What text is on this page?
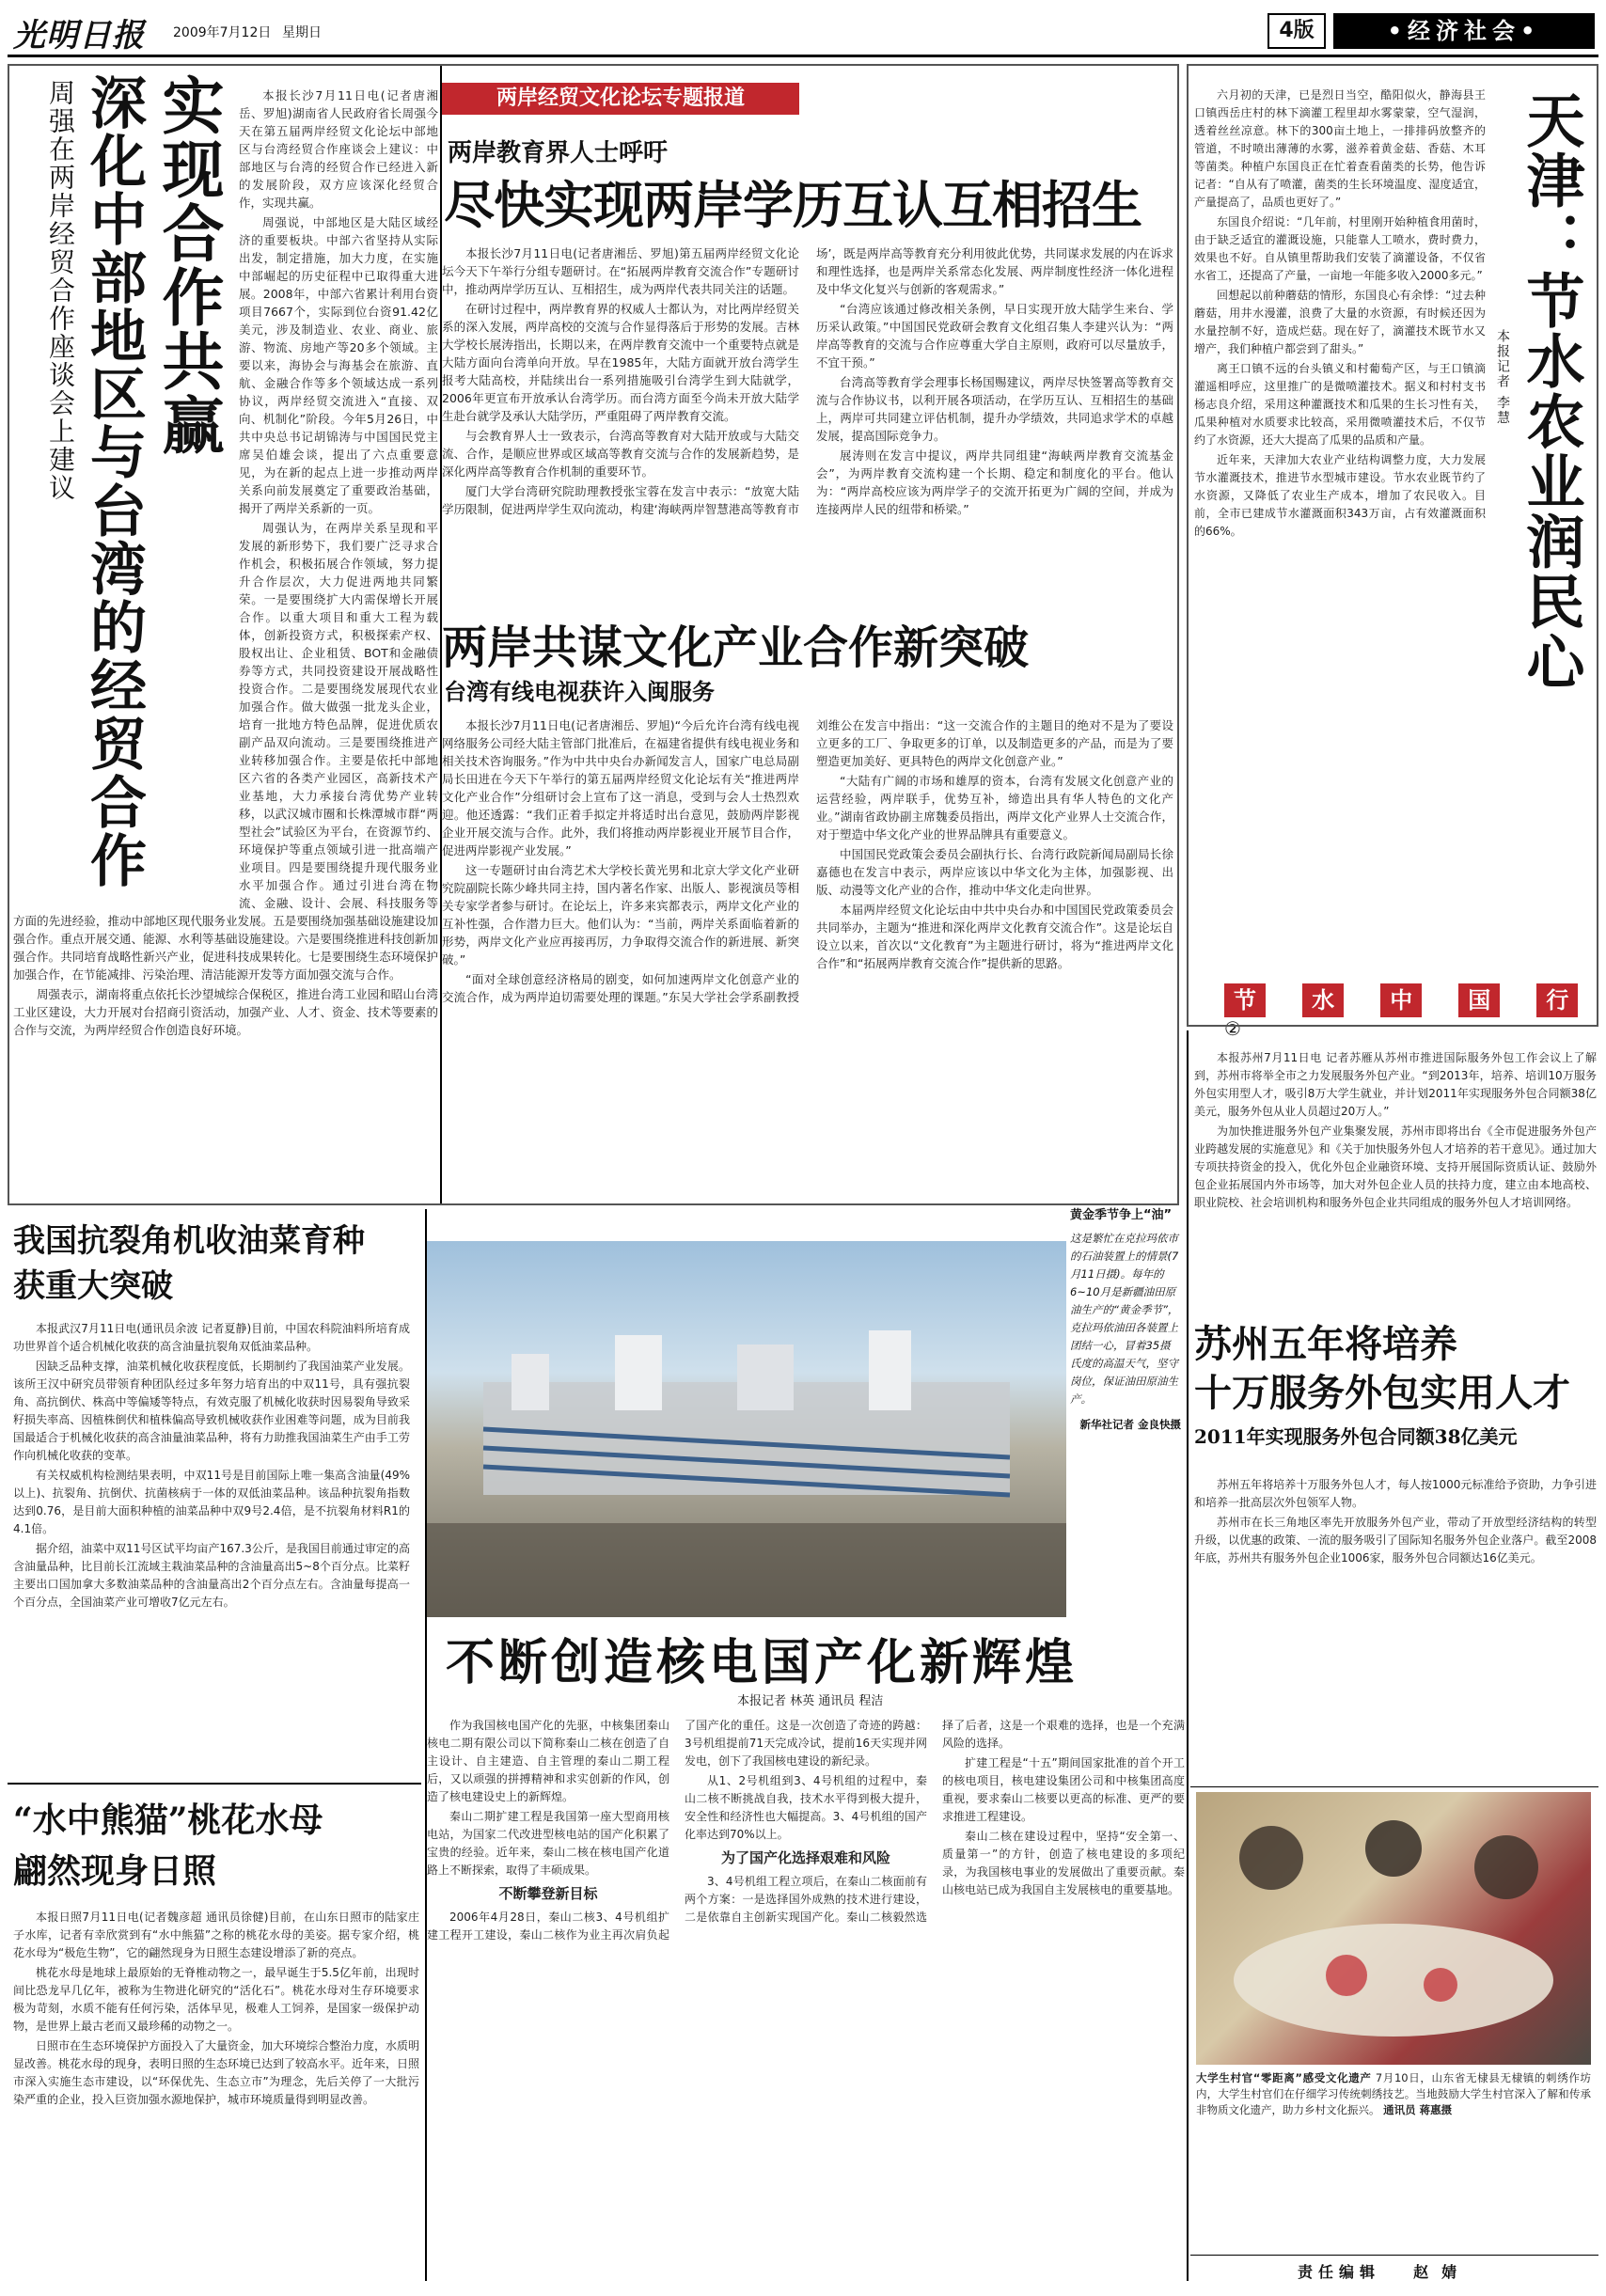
光明日报 2009年7月12日 星期日	4版	•经济社会•
实现合作共赢
深化中部地区与台湾的经贸合作
周强在两岸经贸合作座谈会上建议	本报长沙7月11日电(记者唐湘岳、罗旭)湖南省人民政府省长周强今天在第五届两岸经贸文化论坛中部地区与台湾经贸合作座谈会上建议：中部地区与台湾的经贸合作已经进入新的发展阶段，双方应该深化经贸合作，实现共赢。

周强说，中部地区是大陆区域经济的重要板块。中部六省坚持从实际出发，制定措施，加大力度，在实施中部崛起的历史征程中已取得重大进展。2008年，中部六省累计利用台资项目7667个，实际到位台资91.42亿美元，涉及制造业、农业、商业、旅游、物流、房地产等20多个领域。主要以来，海协会与海基会在旅游、直航、金融合作等多个领域达成一系列协议，两岸经贸交流进入“直接、双向、机制化”阶段。今年5月26日，中共中央总书记胡锦涛与中国国民党主席吴伯雄会谈，提出了六点重要意见，为在新的起点上进一步推动两岸关系向前发展奠定了重要政治基础，揭开了两岸关系新的一页。

周强认为，在两岸关系呈现和平发展的新形势下，我们要广泛寻求合作机会，积极拓展合作领域，努力提升合作层次，大力促进两地共同繁荣。一是要围绕扩大内需保增长开展合作。以重大项目和重大工程为载体，创新投资方式，积极探索产权、股权出让、企业租赁、BOT和金融债券等方式，共同投资建设开展战略性投资合作。二是要围绕发展现代农业加强合作。做大做强一批龙头企业，培育一批地方特色品牌，促进优质农副产品双向流动。三是要围绕推进产业转移加强合作。主要是依托中部地区六省的各类产业园区，高新技术产业基地，大力承接台湾优势产业转移，以武汉城市圈和长株潭城市群“两型社会”试验区为平台，在资源节约、环境保护等重点领域引进一批高端产业项目。四是要围绕提升现代服务业水平加强合作。通过引进台湾在物流、金融、设计、会展、科技服务等方面的先进经验，推动中部地区现代服务业发展。五是要围绕加强基础设施建设加强合作。重点开展交通、能源、水利等基础设施建设。六是要围绕推进科技创新加强合作。共同培育战略性新兴产业，促进科技成果转化。七是要围绕生态环境保护加强合作，在节能减排、污染治理、清洁能源开发等方面加强交流与合作。

周强表示，湖南将重点依托长沙望城综合保税区，推进台湾工业园和昭山台湾工业区建设，大力开展对台招商引资活动，加强产业、人才、资金、技术等要素的合作与交流，为两岸经贸合作创造良好环境。

两岸经贸文化论坛专题报道
两岸教育界人士呼吁
尽快实现两岸学历互认互相招生

本报长沙7月11日电(记者唐湘岳、罗旭)第五届两岸经贸文化论坛今天下午举行分组专题研讨。在“拓展两岸教育交流合作”专题研讨中，推动两岸学历互认、互相招生，成为两岸代表共同关注的话题。

在研讨过程中，两岸教育界的权威人士都认为，对比两岸经贸关系的深入发展，两岸高校的交流与合作显得落后于形势的发展。吉林大学校长展涛指出，长期以来，在两岸教育交流中一个重要特点就是大陆方面向台湾单向开放。早在1985年，大陆方面就开放台湾学生报考大陆高校，并陆续出台一系列措施吸引台湾学生到大陆就学，2006年更宣布开放承认台湾学历。而台湾方面至今尚未开放大陆学生赴台就学及承认大陆学历，严重阻碍了两岸教育交流。

与会教育界人士一致表示，台湾高等教育对大陆开放或与大陆交流、合作，是顺应世界或区域高等教育交流与合作的发展新趋势，是深化两岸高等教育合作机制的重要环节。

厦门大学台湾研究院助理教授张宝蓉在发言中表示：“放宽大陆学历限制，促进两岸学生双向流动，构建‘海峡两岸智慧港高等教育市场’，既是两岸高等教育充分利用彼此优势，共同谋求发展的内在诉求和理性选择，也是两岸关系常态化发展、两岸制度性经济一体化进程及中华文化复兴与创新的客观需求。”

“台湾应该通过修改相关条例，早日实现开放大陆学生来台、学历采认政策。”中国国民党政研会教育文化组召集人李建兴认为：“两岸高等教育的交流与合作应尊重大学自主原则，政府可以尽量放手，不宜干预。”

台湾高等教育学会理事长杨国赐建议，两岸尽快签署高等教育交流与合作协议书，以利开展各项活动，在学历互认、互相招生的基础上，两岸可共同建立评估机制，提升办学绩效，共同追求学术的卓越发展，提高国际竞争力。

展涛则在发言中提议，两岸共同组建“海峡两岸教育交流基金会”，为两岸教育交流构建一个长期、稳定和制度化的平台。他认为：“两岸高校应该为两岸学子的交流开拓更为广阔的空间，并成为连接两岸人民的纽带和桥梁。”

两岸共谋文化产业合作新突破
台湾有线电视获许入闽服务

本报长沙7月11日电(记者唐湘岳、罗旭)“今后允许台湾有线电视网络服务公司经大陆主管部门批准后，在福建省提供有线电视业务和相关技术咨询服务。”作为中共中央台办新闻发言人，国家广电总局副局长田进在今天下午举行的第五届两岸经贸文化论坛有关“推进两岸文化产业合作”分组研讨会上宣布了这一消息，受到与会人士热烈欢迎。他还透露：“我们正着手拟定并将适时出台意见，鼓励两岸影视企业开展交流与合作。此外，我们将推动两岸影视业开展节目合作，促进两岸影视产业发展。”

这一专题研讨由台湾艺术大学校长黄光男和北京大学文化产业研究院副院长陈少峰共同主持，国内著名作家、出版人、影视演员等相关专家学者参与研讨。在论坛上，许多来宾都表示，两岸文化产业的互补性强，合作潜力巨大。他们认为：“当前，两岸关系面临着新的形势，两岸文化产业应再接再厉，力争取得交流合作的新进展、新突破。”

“面对全球创意经济格局的剧变，如何加速两岸文化创意产业的交流合作，成为两岸迫切需要处理的课题。”东吴大学社会学系副教授刘维公在发言中指出：“这一交流合作的主题目的绝对不是为了要设立更多的工厂、争取更多的订单，以及制造更多的产品，而是为了要塑造更加美好、更具特色的两岸文化创意产业。”

“大陆有广阔的市场和雄厚的资本，台湾有发展文化创意产业的运营经验，两岸联手，优势互补，缔造出具有华人特色的文化产业。”湖南省政协副主席魏委员指出，两岸文化产业界人士交流合作，对于塑造中华文化产业的世界品牌具有重要意义。

中国国民党政策会委员会副执行长、台湾行政院新闻局副局长徐嘉德也在发言中表示，两岸应该以中华文化为主体，加强影视、出版、动漫等文化产业的合作，推动中华文化走向世界。

本届两岸经贸文化论坛由中共中央台办和中国国民党政策委员会共同举办，主题为“推进和深化两岸文化教育交流合作”。这是论坛自设立以来，首次以“文化教育”为主题进行研讨，将为“推进两岸文化合作”和“拓展两岸教育交流合作”提供新的思路。

六月初的天津，已是烈日当空，酷阳似火，静海县王口镇西岳庄村的林下滴灌工程里却水雾蒙蒙，空气湿润，透着丝丝凉意。林下的300亩土地上，一排排码放整齐的管道，不时喷出薄薄的水雾，滋养着黄金菇、香菇、木耳等菌类。种植户东国良正在忙着查看菌类的长势，他告诉记者：“自从有了喷灌，菌类的生长环境温度、湿度适宜，产量提高了，品质也更好了。”

东国良介绍说：“几年前，村里刚开始种植食用菌时，由于缺乏适宜的灌溉设施，只能靠人工喷水，费时费力，效果也不好。自从镇里帮助我们安装了滴灌设备，不仅省水省工，还提高了产量，一亩地一年能多收入2000多元。”

回想起以前种蘑菇的情形，东国良心有余悸：“过去种蘑菇，用井水漫灌，浪费了大量的水资源，有时候还因为水量控制不好，造成烂菇。现在好了，滴灌技术既节水又增产，我们种植户都尝到了甜头。”

离王口镇不远的台头镇义和村葡萄产区，与王口镇滴灌遥相呼应，这里推广的是微喷灌技术。据义和村村支书杨志良介绍，采用这种灌溉技术和瓜果的生长习性有关，瓜果种植对水质要求比较高，采用微喷灌技术后，不仅节约了水资源，还大大提高了瓜果的品质和产量。

近年来，天津加大农业产业结构调整力度，大力发展节水灌溉技术，推进节水型城市建设。节水农业既节约了水资源，又降低了农业生产成本，增加了农民收入。目前，全市已建成节水灌溉面积343万亩，占有效灌溉面积的66%。

本报记者 李慧 天津：节水农业润民心
节 水 中 国 行 ②

本报苏州7月11日电 记者苏雁从苏州市推进国际服务外包工作会议上了解到，苏州市将举全市之力发展服务外包产业。“到2013年，培养、培训10万服务外包实用型人才，吸引8万大学生就业，并计划2011年实现服务外包合同额38亿美元，服务外包从业人员超过20万人。”

为加快推进服务外包产业集聚发展，苏州市即将出台《全市促进服务外包产业跨越发展的实施意见》和《关于加快服务外包人才培养的若干意见》。通过加大专项扶持资金的投入，优化外包企业融资环境、支持开展国际资质认证、鼓励外包企业拓展国内外市场等，加大对外包企业人员的扶持力度，建立由本地高校、职业院校、社会培训机构和服务外包企业共同组成的服务外包人才培训网络。

苏州五年将培养
十万服务外包实用人才
2011年实现服务外包合同额38亿美元

苏州五年将培养十万服务外包人才，每人按1000元标准给予资助，力争引进和培养一批高层次外包领军人物。

苏州市在长三角地区率先开放服务外包产业，带动了开放型经济结构的转型升级，以优惠的政策、一流的服务吸引了国际知名服务外包企业落户。截至2008年底，苏州共有服务外包企业1006家，服务外包合同额达16亿美元。

大学生村官“零距离”感受文化遗产 7月10日，山东省无棣县无棣镇的刺绣作坊内，大学生村官们在仔细学习传统刺绣技艺。当地鼓励大学生村官深入了解和传承非物质文化遗产，助力乡村文化振兴。 通讯员 蒋惠摄
我国抗裂角机收油菜育种
获重大突破

本报武汉7月11日电(通讯员余波 记者夏静)目前，中国农科院油料所培育成功世界首个适合机械化收获的高含油量抗裂角双低油菜品种。

因缺乏品种支撑，油菜机械化收获程度低，长期制约了我国油菜产业发展。该所王汉中研究员带领育种团队经过多年努力培育出的中双11号，具有强抗裂角、高抗倒伏、株高中等偏矮等特点，有效克服了机械化收获时因易裂角导致采籽损失率高、因植株倒伏和植株偏高导致机械收获作业困难等问题，成为目前我国最适合于机械化收获的高含油量油菜品种，将有力助推我国油菜生产由手工劳作向机械化收获的变革。

有关权威机构检测结果表明，中双11号是目前国际上唯一集高含油量(49%以上)、抗裂角、抗倒伏、抗菌核病于一体的双低油菜品种。该品种抗裂角指数达到0.76，是目前大面积种植的油菜品种中双9号2.4倍，是不抗裂角材料R1的4.1倍。

据介绍，油菜中双11号区试平均亩产167.3公斤，是我国目前通过审定的高含油量品种，比目前长江流域主栽油菜品种的含油量高出5~8个百分点。比菜籽主要出口国加拿大多数油菜品种的含油量高出2个百分点左右。含油量每提高一个百分点，全国油菜产业可增收7亿元左右。

“水中熊猫”桃花水母
翩然现身日照

本报日照7月11日电(记者魏彦超 通讯员徐健)目前，在山东日照市的陆家庄子水库，记者有幸欣赏到有“水中熊猫”之称的桃花水母的美姿。据专家介绍，桃花水母为“极危生物”，它的翩然现身为日照生态建设增添了新的亮点。

桃花水母是地球上最原始的无脊椎动物之一，最早诞生于5.5亿年前，出现时间比恐龙早几亿年，被称为生物进化研究的“活化石”。桃花水母对生存环境要求极为苛刻，水质不能有任何污染，活体早见，极难人工饲养，是国家一级保护动物，是世界上最古老而又最珍稀的动物之一。

日照市在生态环境保护方面投入了大量资金，加大环境综合整治力度，水质明显改善。桃花水母的现身，表明日照的生态环境已达到了较高水平。近年来，日照市深入实施生态市建设，以“环保优先、生态立市”为理念，先后关停了一大批污染严重的企业，投入巨资加强水源地保护，城市环境质量得到明显改善。

黄金季节争上“油”
这是繁忙在克拉玛依市的石油装置上的情景(7月11日摄)。每年的6~10月是新疆油田原油生产的“黄金季节”，克拉玛依油田各装置上团结一心，冒着35摄氏度的高温天气，坚守岗位，保证油田原油生产。
新华社记者 金良快摄
不断创造核电国产化新辉煌
本报记者 林英 通讯员 程洁

作为我国核电国产化的先驱，中核集团秦山核电二期有限公司以下简称秦山二核在创造了自主设计、自主建造、自主管理的秦山二期工程后，又以顽强的拼搏精神和求实创新的作风，创造了核电建设史上的新辉煌。

秦山二期扩建工程是我国第一座大型商用核电站，为国家二代改进型核电站的国产化积累了宝贵的经验。近年来，秦山二核在核电国产化道路上不断探索，取得了丰硕成果。

不断攀登新目标

2006年4月28日，秦山二核3、4号机组扩建工程开工建设，秦山二核作为业主再次肩负起了国产化的重任。这是一次创造了奇迹的跨越：3号机组提前71天完成冷试，提前16天实现并网发电，创下了我国核电建设的新纪录。

从1、2号机组到3、4号机组的过程中，秦山二核不断挑战自我，技术水平得到极大提升，安全性和经济性也大幅提高。3、4号机组的国产化率达到70%以上。

为了国产化选择艰难和风险

3、4号机组工程立项后，在秦山二核面前有两个方案：一是选择国外成熟的技术进行建设，二是依靠自主创新实现国产化。秦山二核毅然选择了后者，这是一个艰难的选择，也是一个充满风险的选择。

扩建工程是“十五”期间国家批准的首个开工的核电项目，核电建设集团公司和中核集团高度重视，要求秦山二核要以更高的标准、更严的要求推进工程建设。

秦山二核在建设过程中，坚持“安全第一、质量第一”的方针，创造了核电建设的多项纪录，为我国核电事业的发展做出了重要贡献。秦山核电站已成为我国自主发展核电的重要基地。

责任编辑 赵婧
